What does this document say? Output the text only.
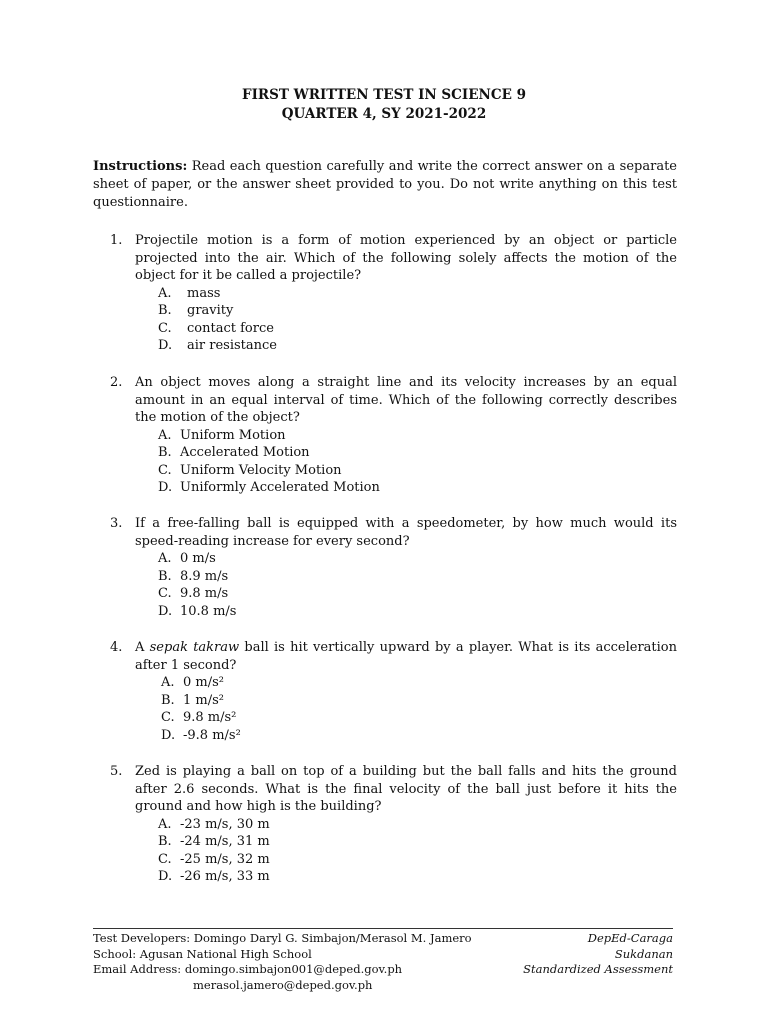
FIRST WRITTEN TEST IN SCIENCE 9
QUARTER 4, SY 2021-2022
Instructions: Read each question carefully and write the correct answer on a separate sheet of paper, or the answer sheet provided to you. Do not write anything on this test questionnaire.
1. Projectile motion is a form of motion experienced by an object or particle projected into the air. Which of the following solely affects the motion of the object for it be called a projectile?
A. mass
B. gravity
C. contact force
D. air resistance
2. An object moves along a straight line and its velocity increases by an equal amount in an equal interval of time. Which of the following correctly describes the motion of the object?
A. Uniform Motion
B. Accelerated Motion
C. Uniform Velocity Motion
D. Uniformly Accelerated Motion
3. If a free-falling ball is equipped with a speedometer, by how much would its speed-reading increase for every second?
A. 0 m/s
B. 8.9 m/s
C. 9.8 m/s
D. 10.8 m/s
4. A sepak takraw ball is hit vertically upward by a player. What is its acceleration after 1 second?
A. 0 m/s²
B. 1 m/s²
C. 9.8 m/s²
D. -9.8 m/s²
5. Zed is playing a ball on top of a building but the ball falls and hits the ground after 2.6 seconds. What is the final velocity of the ball just before it hits the ground and how high is the building?
A. -23 m/s, 30 m
B. -24 m/s, 31 m
C. -25 m/s, 32 m
D. -26 m/s, 33 m
Test Developers: Domingo Daryl G. Simbajon/Merasol M. Jamero
School: Agusan National High School
Email Address: domingo.simbajon001@deped.gov.ph
merasol.jamero@deped.gov.ph
DepEd-Caraga
Sukdanan
Standardized Assessment
